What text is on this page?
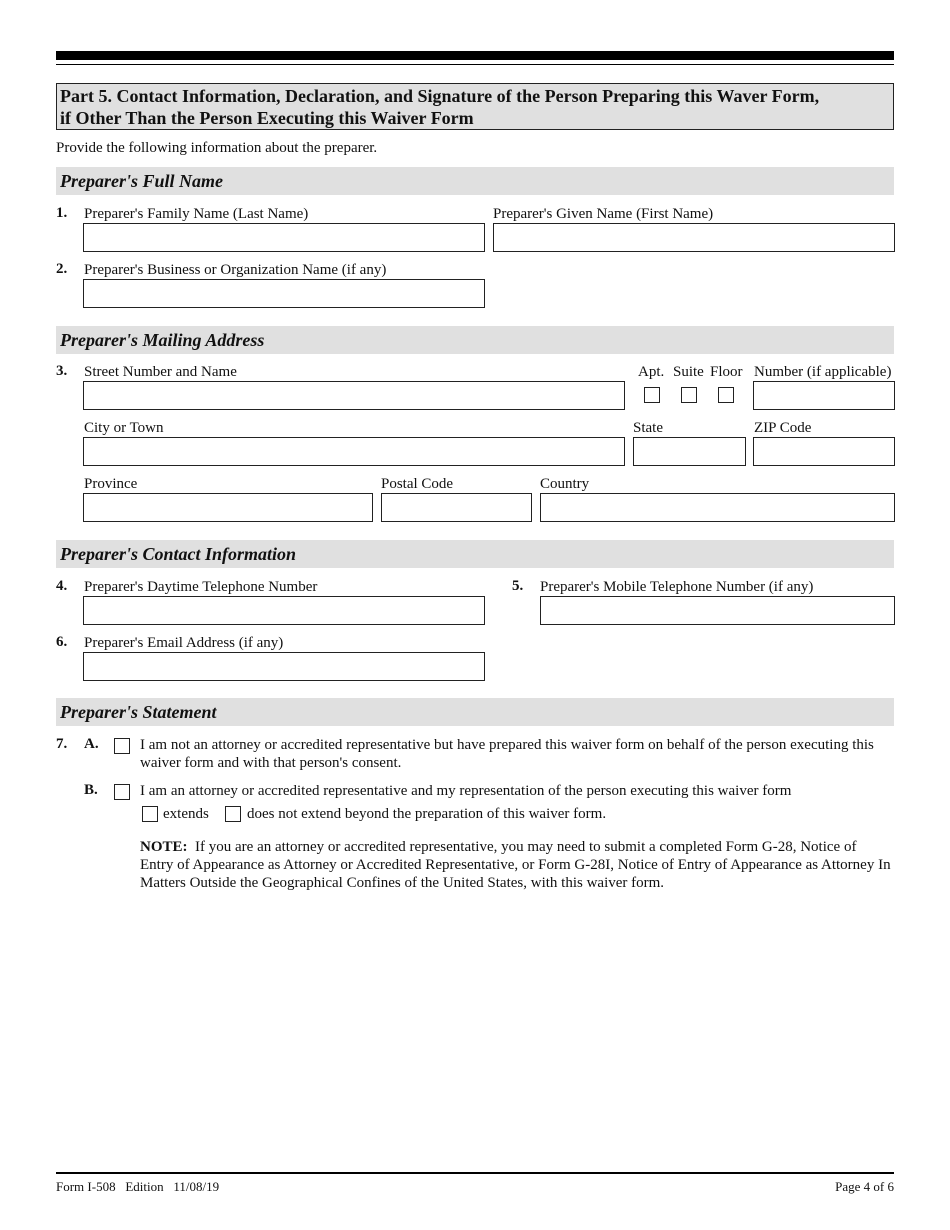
Part 5. Contact Information, Declaration, and Signature of the Person Preparing this Waver Form,
if Other Than the Person Executing this Waiver Form
Provide the following information about the preparer.
Preparer's Full Name
1. Preparer's Family Name (Last Name)	Preparer's Given Name (First Name)
2. Preparer's Business or Organization Name (if any)
Preparer's Mailing Address
3. Street Number and Name	Apt. Suite Floor Number (if applicable)
City or Town	State	ZIP Code
Province	Postal Code	Country
Preparer's Contact Information
4. Preparer's Daytime Telephone Number	5. Preparer's Mobile Telephone Number (if any)
6. Preparer's Email Address (if any)
Preparer's Statement
7. A.	I am not an attorney or accredited representative but have prepared this waiver form on behalf of the person executing this waiver form and with that person's consent.
B.	I am an attorney or accredited representative and my representation of the person executing this waiver form
extends	does not extend beyond the preparation of this waiver form.
NOTE: If you are an attorney or accredited representative, you may need to submit a completed Form G-28, Notice of Entry of Appearance as Attorney or Accredited Representative, or Form G-28I, Notice of Entry of Appearance as Attorney In Matters Outside the Geographical Confines of the United States, with this waiver form.
Form I-508   Edition   11/08/19	Page 4 of 6
